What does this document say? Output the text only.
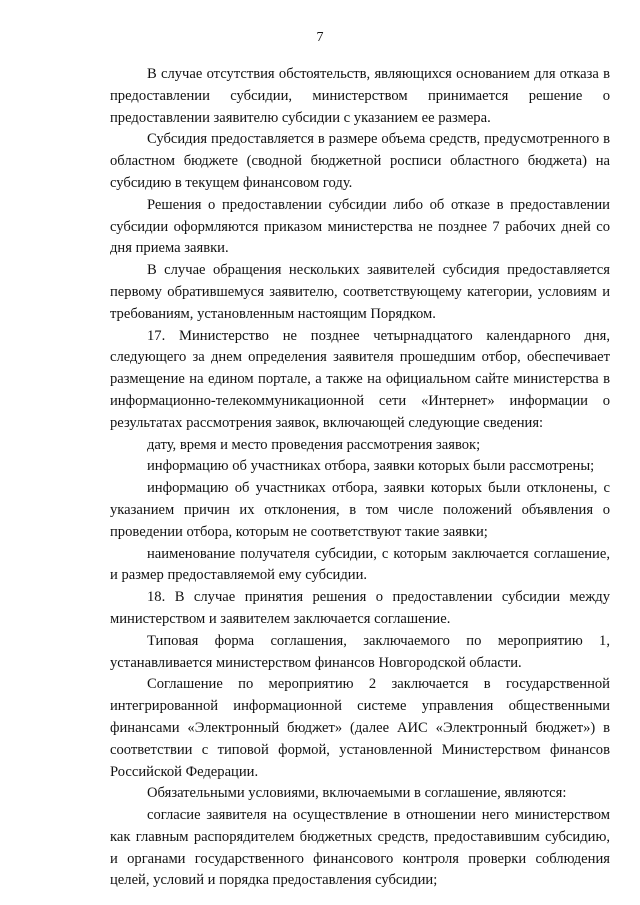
7

В случае отсутствия обстоятельств, являющихся основанием для отказа в предоставлении субсидии, министерством принимается решение о предоставлении заявителю субсидии с указанием ее размера.

Субсидия предоставляется в размере объема средств, предусмотренного в областном бюджете (сводной бюджетной росписи областного бюджета) на субсидию в текущем финансовом году.

Решения о предоставлении субсидии либо об отказе в предоставлении субсидии оформляются приказом министерства не позднее 7 рабочих дней со дня приема заявки.

В случае обращения нескольких заявителей субсидия предоставляется первому обратившемуся заявителю, соответствующему категории, условиям и требованиям, установленным настоящим Порядком.

17. Министерство не позднее четырнадцатого календарного дня, следующего за днем определения заявителя прошедшим отбор, обеспечивает размещение на едином портале, а также на официальном сайте министерства в информационно-телекоммуникационной сети «Интернет» информации о результатах рассмотрения заявок, включающей следующие сведения:

дату, время и место проведения рассмотрения заявок;

информацию об участниках отбора, заявки которых были рассмотрены;

информацию об участниках отбора, заявки которых были отклонены, с указанием причин их отклонения, в том числе положений объявления о проведении отбора, которым не соответствуют такие заявки;

наименование получателя субсидии, с которым заключается соглашение, и размер предоставляемой ему субсидии.

18. В случае принятия решения о предоставлении субсидии между министерством и заявителем заключается соглашение.

Типовая форма соглашения, заключаемого по мероприятию 1, устанавливается министерством финансов Новгородской области.

Соглашение по мероприятию 2 заключается в государственной интегрированной информационной системе управления общественными финансами «Электронный бюджет» (далее АИС «Электронный бюджет») в соответствии с типовой формой, установленной Министерством финансов Российской Федерации.

Обязательными условиями, включаемыми в соглашение, являются:

согласие заявителя на осуществление в отношении него министерством как главным распорядителем бюджетных средств, предоставившим субсидию, и органами государственного финансового контроля проверки соблюдения целей, условий и порядка предоставления субсидии;
